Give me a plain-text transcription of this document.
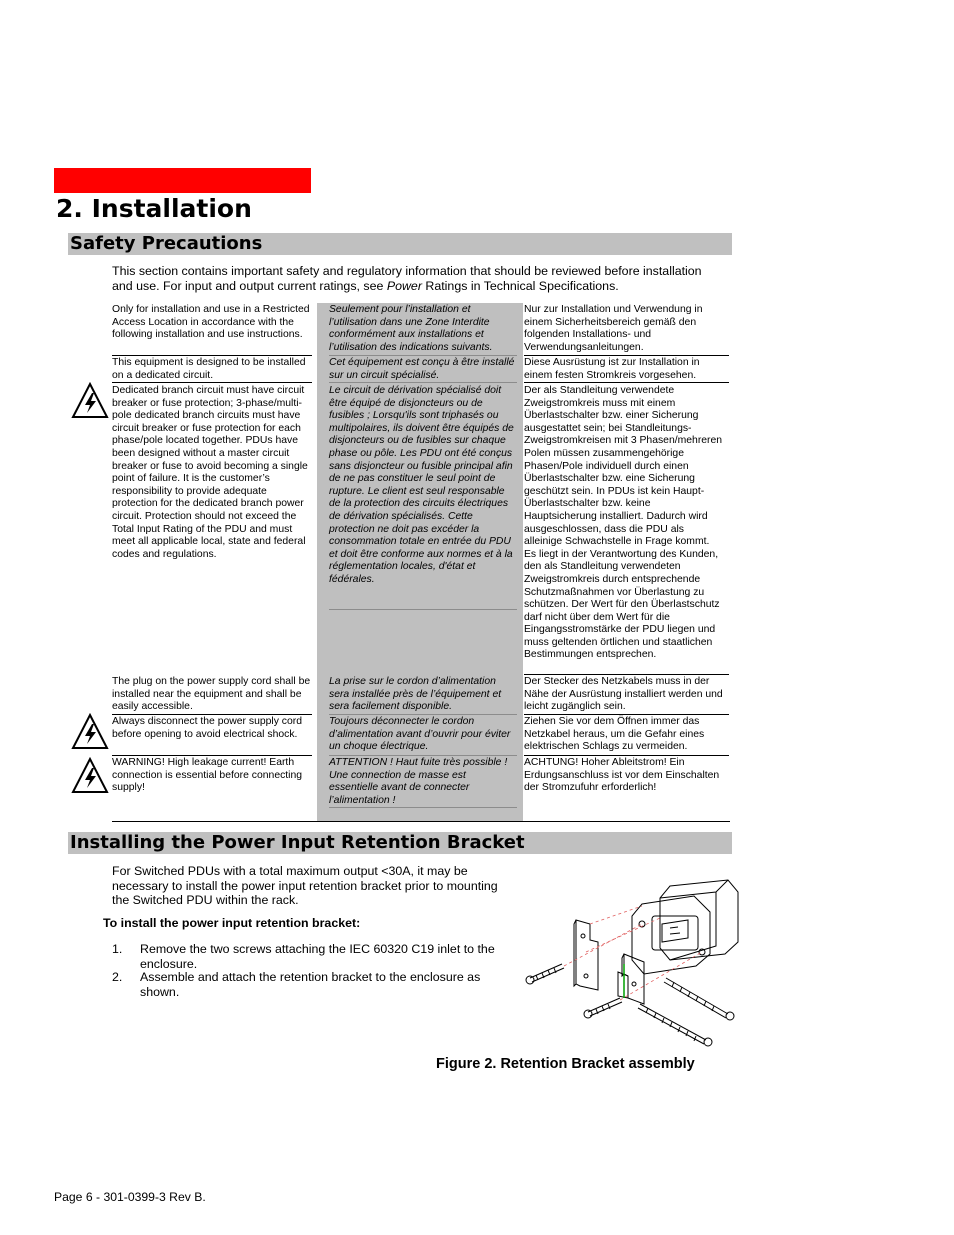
2. Installation
Safety Precautions
This section contains important safety and regulatory information that should be reviewed before installation and use. For input and output current ratings, see Power Ratings in Technical Specifications.
Only for installation and use in a Restricted Access Location in accordance with the following installation and use instructions.
Seulement pour l’installation et l’utilisation dans une Zone Interdite conformément aux installations et l’utilisation des indications suivants.
Nur zur Installation und Verwendung in einem Sicherheitsbereich gemäß den folgenden Installations- und Verwendungsanleitungen.
This equipment is designed to be installed on a dedicated circuit.
Cet équipement est conçu à être installé sur un circuit spécialisé.
Diese Ausrüstung ist zur Installation in einem festen Stromkreis vorgesehen.
Dedicated branch circuit must have circuit breaker or fuse protection; 3-phase/multi-pole dedicated branch circuits must have circuit breaker or fuse protection for each phase/pole located together. PDUs have been designed without a master circuit breaker or fuse to avoid becoming a single point of failure. It is the customer’s responsibility to provide adequate protection for the dedicated branch power circuit. Protection should not exceed the Total Input Rating of the PDU and must meet all applicable local, state and federal codes and regulations.
Le circuit de dérivation spécialisé doit être équipé de disjoncteurs ou de fusibles ; Lorsqu'ils sont triphasés ou multipolaires, ils doivent être équipés de disjoncteurs ou de fusibles sur chaque phase ou pôle. Les PDU ont été conçus sans disjoncteur ou fusible principal afin de ne pas constituer le seul point de rupture. Le client est seul responsable de la protection des circuits électriques de dérivation spécialisés. Cette protection ne doit pas excéder la consommation totale en entrée du PDU et doit être conforme aux normes et à la réglementation locales, d'état et fédérales.
Der als Standleitung verwendete Zweigstromkreis muss mit einem Überlastschalter bzw. einer Sicherung ausgestattet sein; bei Standleitungs-Zweigstromkreisen mit 3 Phasen/mehreren Polen müssen zusammengehörige Phasen/Pole individuell durch einen Überlastschalter bzw. eine Sicherung geschützt sein. In PDUs ist kein Haupt-Überlastschalter bzw. keine Hauptsicherung installiert. Dadurch wird ausgeschlossen, dass die PDU als alleinige Schwachstelle in Frage kommt. Es liegt in der Verantwortung des Kunden, den als Standleitung verwendeten Zweigstromkreis durch entsprechende Schutzmaßnahmen vor Überlastung zu schützen. Der Wert für den Überlastschutz darf nicht über dem Wert für die Eingangsstromstärke der PDU liegen und muss geltenden örtlichen und staatlichen Bestimmungen entsprechen.
The plug on the power supply cord shall be installed near the equipment and shall be easily accessible.
La prise sur le cordon d’alimentation sera installée près de l’équipement et sera facilement disponible.
Der Stecker des Netzkabels muss in der Nähe der Ausrüstung installiert werden und leicht zugänglich sein.
Always disconnect the power supply cord before opening to avoid electrical shock.
Toujours déconnecter le cordon d’alimentation avant d’ouvrir pour éviter un choque électrique.
Ziehen Sie vor dem Öffnen immer das Netzkabel heraus, um die Gefahr eines elektrischen Schlags zu vermeiden.
WARNING! High leakage current! Earth connection is essential before connecting supply!
ATTENTION ! Haut fuite très possible ! Une connection de masse est essentielle avant de connecter l’alimentation !
ACHTUNG! Hoher Ableitstrom! Ein Erdungsanschluss ist vor dem Einschalten der Stromzufuhr erforderlich!
Installing the Power Input Retention Bracket
For Switched PDUs with a total maximum output <30A, it may be necessary to install the power input retention bracket prior to mounting the Switched PDU within the rack.
To install the power input retention bracket:
1. Remove the two screws attaching the IEC 60320 C19 inlet to the enclosure.
2. Assemble and attach the retention bracket to the enclosure as shown.
Figure 2. Retention Bracket assembly
Page 6 - 301-0399-3 Rev B.
